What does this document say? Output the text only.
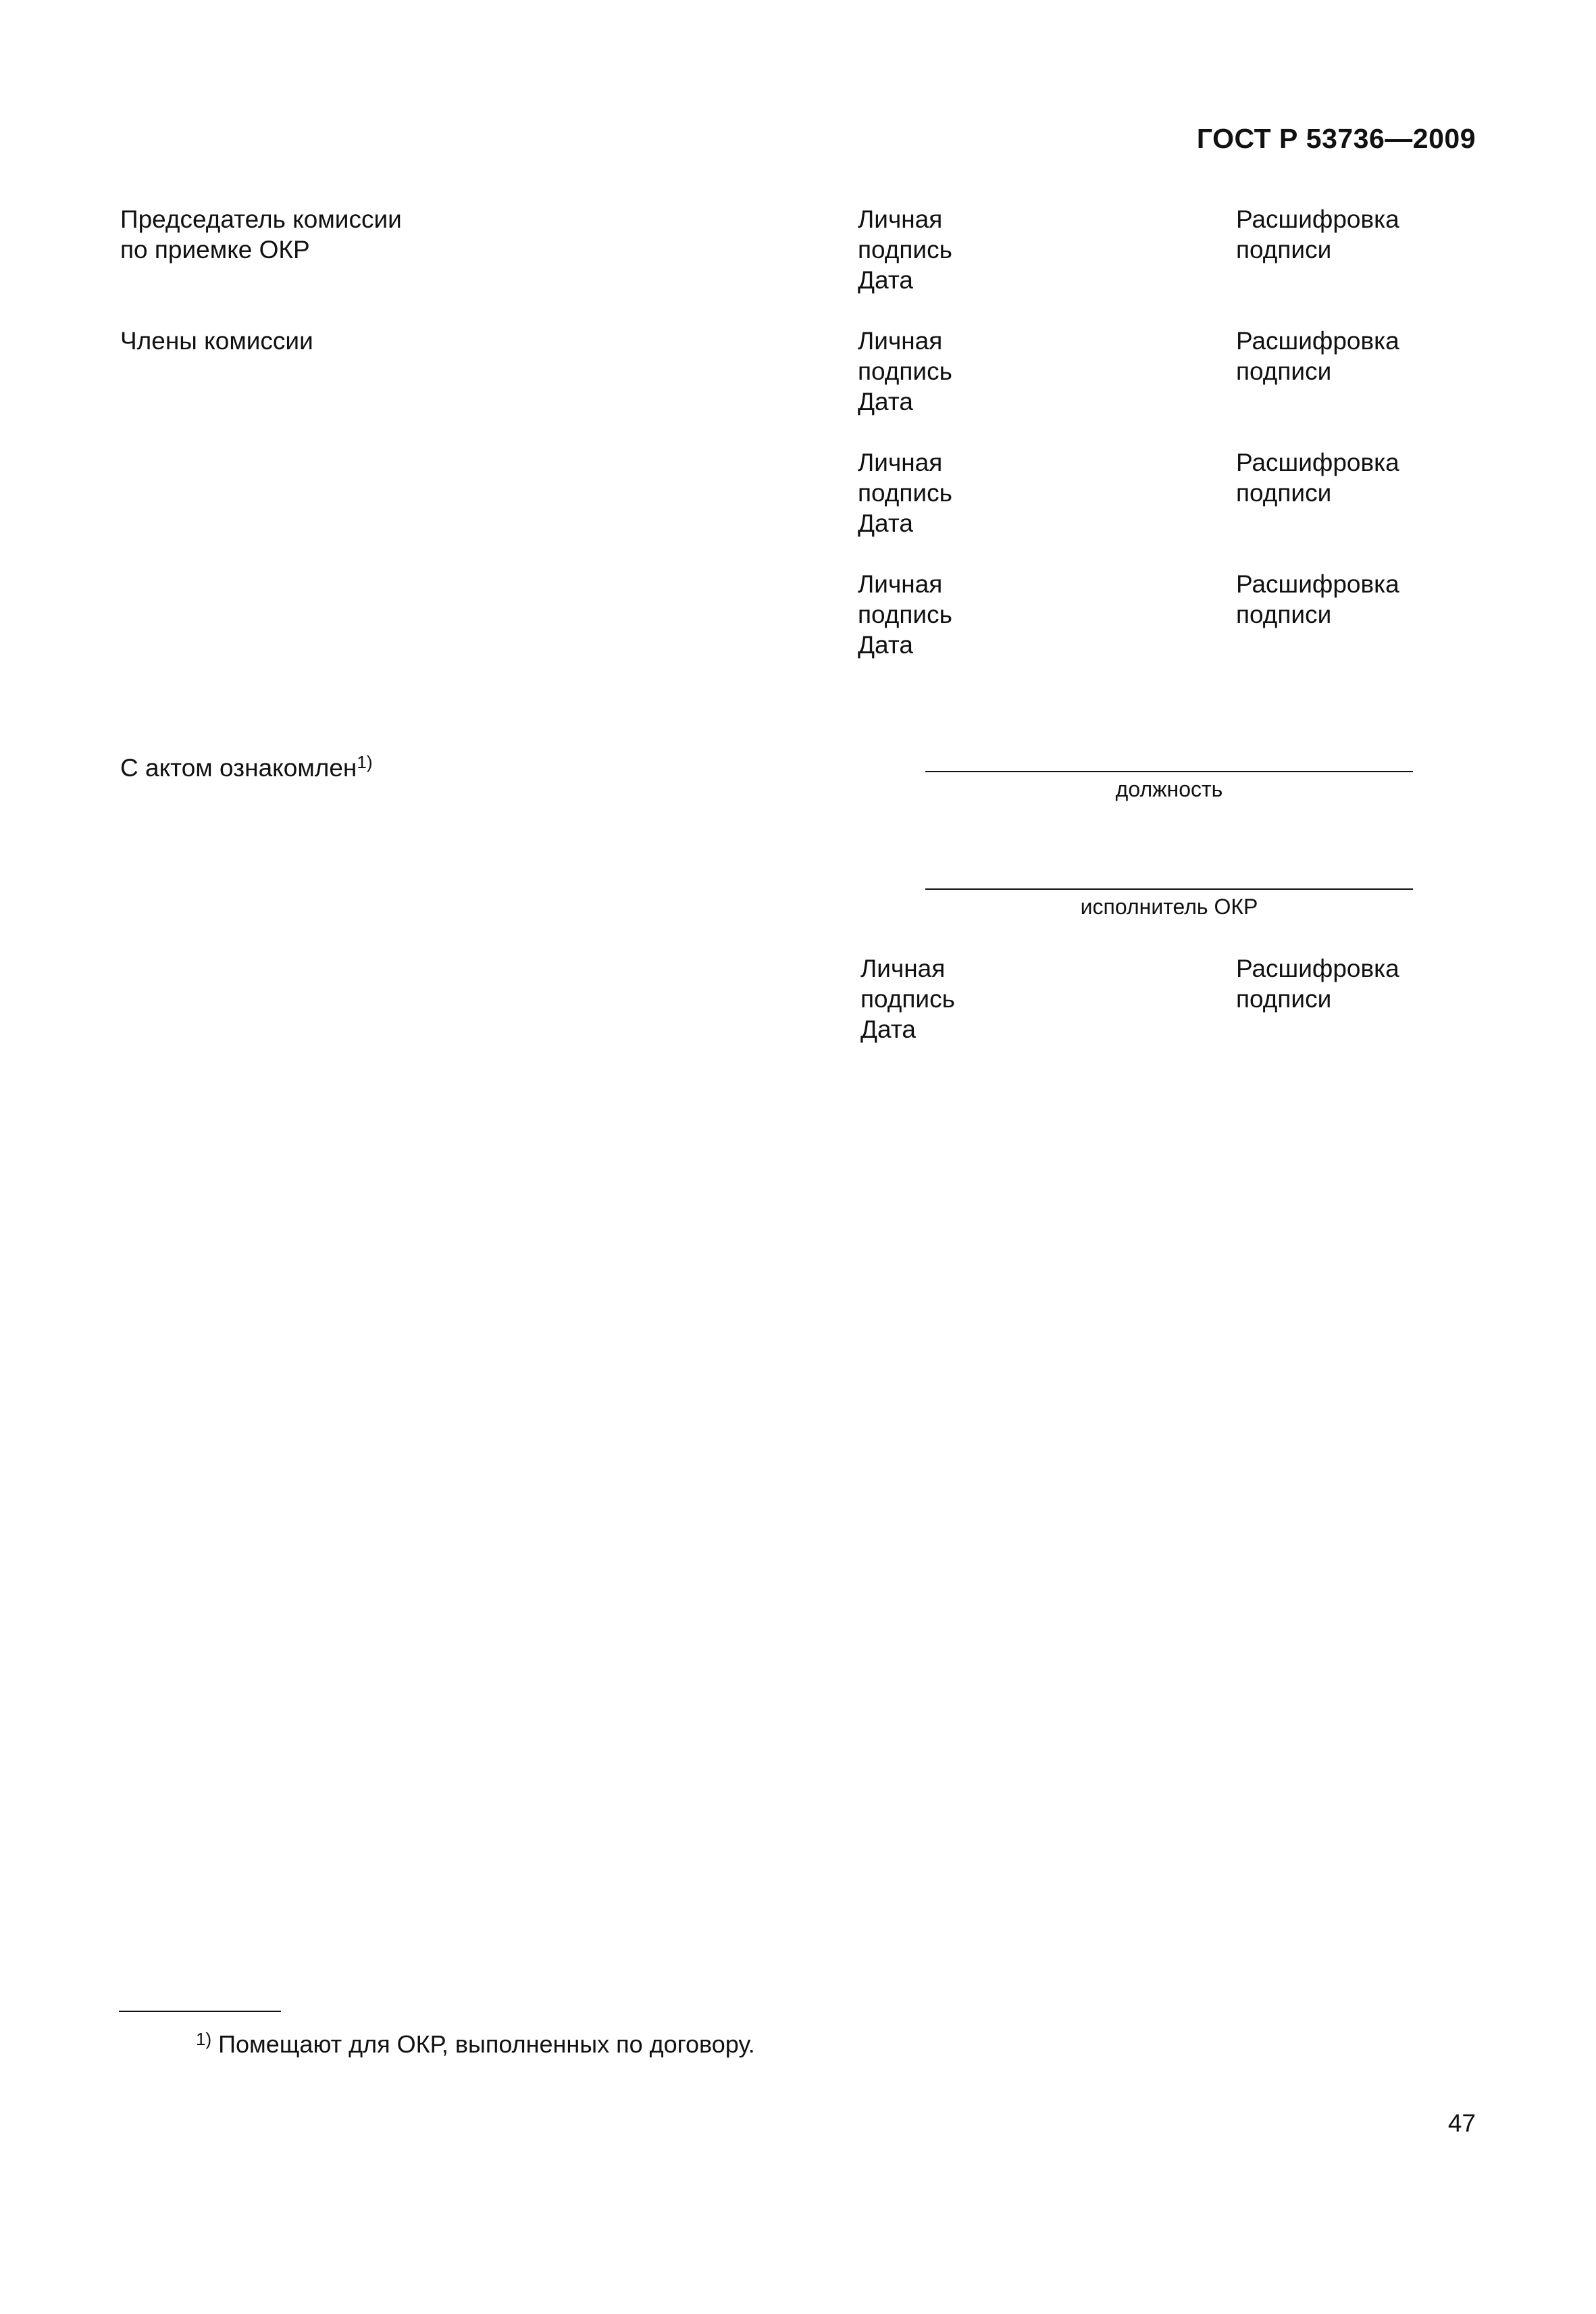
ГОСТ Р 53736—2009
Председатель комиссии
по приемке ОКР
Личная
подпись
Дата
Расшифровка
подписи
Члены комиссии	Личная
подпись
Дата
Расшифровка
подписи
Личная
подпись
Дата
Расшифровка
подписи
Личная
подпись
Дата
Расшифровка
подписи
С актом ознакомлен$^{1)}$
должность
исполнитель ОКР
Личная
подпись
Дата
Расшифровка
подписи
$^{1)}$ Помещают для ОКР, выполненных по договору.
47
